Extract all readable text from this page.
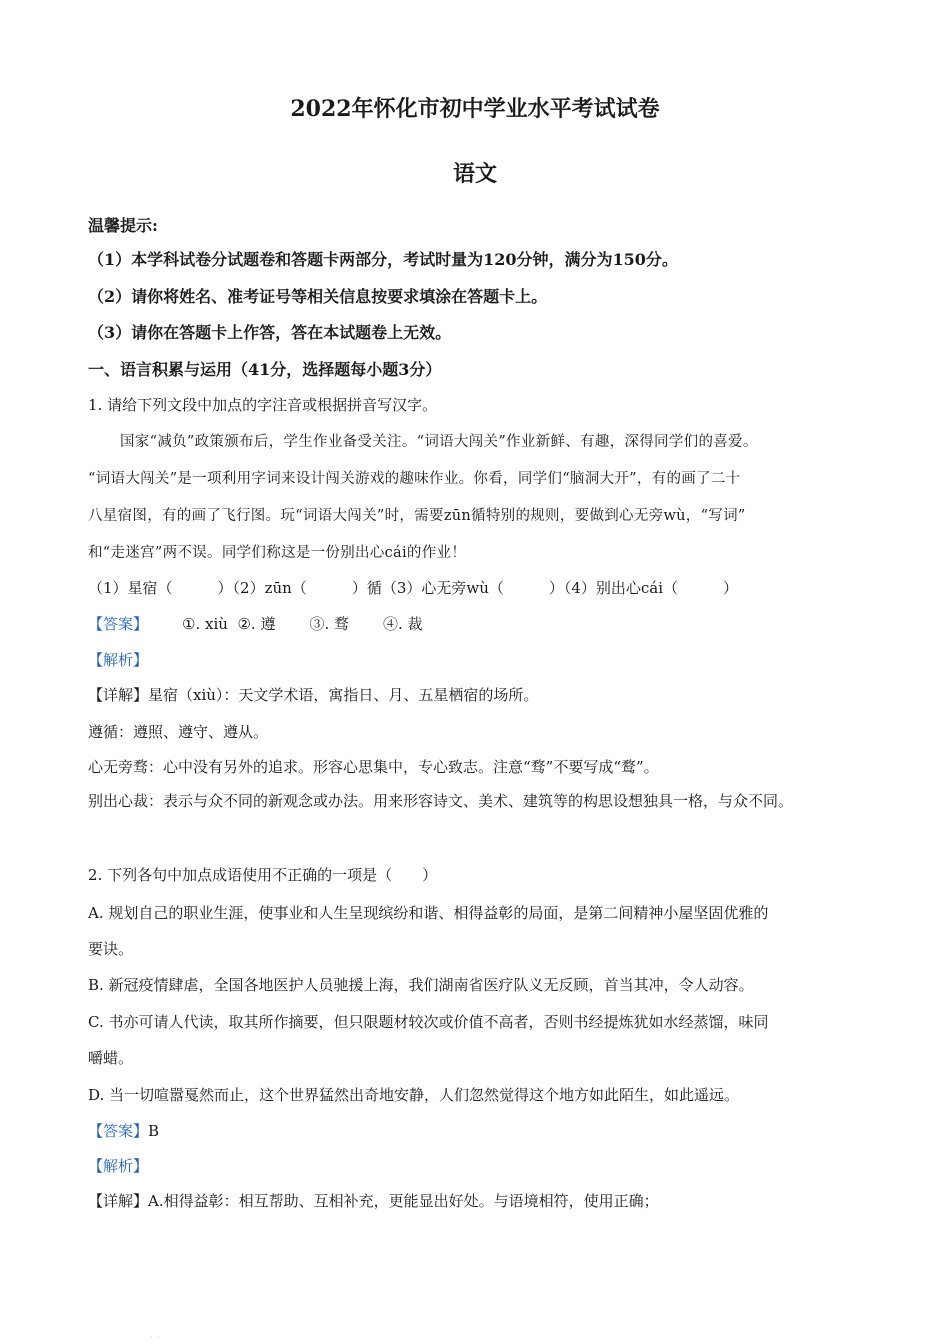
2022年怀化市初中学业水平考试试卷
语文
温馨提示:
（1）本学科试卷分试题卷和答题卡两部分，考试时量为120分钟，满分为150分。
（2）请你将姓名、准考证号等相关信息按要求填涂在答题卡上。
（3）请你在答题卡上作答，答在本试题卷上无效。
一、语言积累与运用（41分，选择题每小题3分）
1. 请给下列文段中加点的字注音或根据拼音写汉字。
国家“减负”政策颁布后，学生作业备受关注。“词语大闯关”作业新鲜、有趣，深得同学们的喜爱。
“词语大闯关”是一项利用字词来设计闯关游戏的趣味作业。你看，同学们“脑洞大开”，有的画了二十
八星宿图，有的画了飞行图。玩“词语大闯关”时，需要zūn循特别的规则，要做到心无旁wù，“写词”
和“走迷宫”两不误。同学们称这是一份别出心cái的作业！
（1）星宿（　　　）（2）zūn（　　　）循（3）心无旁wù（　　　）（4）别出心cái（　　　）
【答案】 ①. xiù ②. 遵 ③. 骛 ④. 裁
【解析】
【详解】星宿（xiù）：天文学术语，寓指日、月、五星栖宿的场所。
遵循：遵照、遵守、遵从。
心无旁骛：心中没有另外的追求。形容心思集中，专心致志。注意“骛”不要写成“鹜”。
别出心裁：表示与众不同的新观念或办法。用来形容诗文、美术、建筑等的构思设想独具一格，与众不同。
2. 下列各句中加点成语使用不正确的一项是（　　）
A. 规划自己的职业生涯，使事业和人生呈现缤纷和谐、相得益彰的局面，是第二间精神小屋坚固优雅的
要诀。
B. 新冠疫情肆虐，全国各地医护人员驰援上海，我们湖南省医疗队义无反顾，首当其冲，令人动容。
C. 书亦可请人代读，取其所作摘要，但只限题材较次或价值不高者，否则书经提炼犹如水经蒸馏，味同
嚼蜡。
D. 当一切喧嚣戛然而止，这个世界猛然出奇地安静，人们忽然觉得这个地方如此陌生，如此遥远。
【答案】B
【解析】
【详解】A.相得益彰：相互帮助、互相补充，更能显出好处。与语境相符，使用正确；
· ·
